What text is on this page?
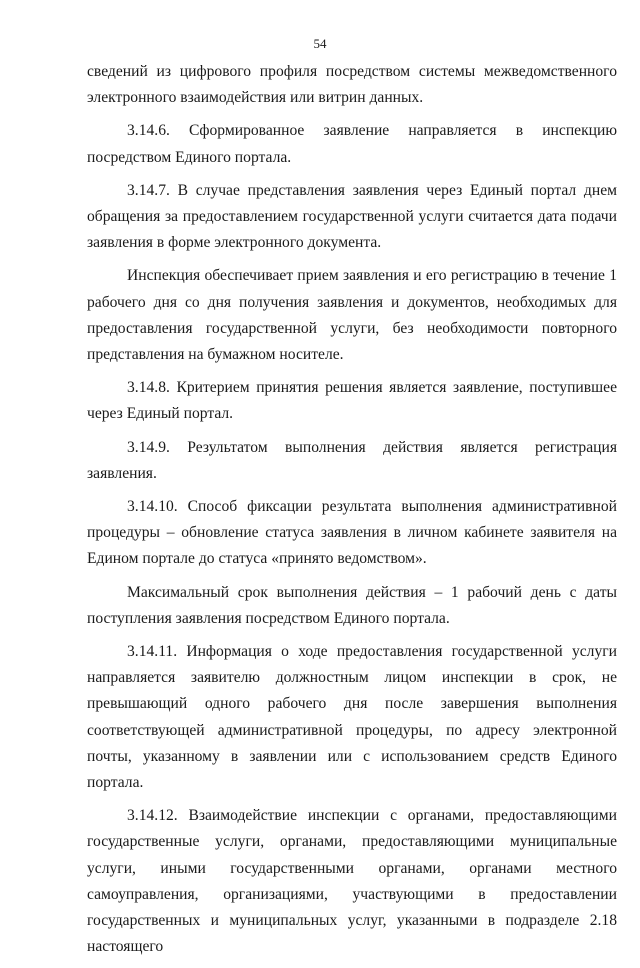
54

сведений из цифрового профиля посредством системы межведомственного электронного взаимодействия или витрин данных.

3.14.6. Сформированное заявление направляется в инспекцию посредством Единого портала.

3.14.7. В случае представления заявления через Единый портал днем обращения за предоставлением государственной услуги считается дата подачи заявления в форме электронного документа.

Инспекция обеспечивает прием заявления и его регистрацию в течение 1 рабочего дня со дня получения заявления и документов, необходимых для предоставления государственной услуги, без необходимости повторного представления на бумажном носителе.

3.14.8. Критерием принятия решения является заявление, поступившее через Единый портал.

3.14.9. Результатом выполнения действия является регистрация заявления.

3.14.10. Способ фиксации результата выполнения административной процедуры – обновление статуса заявления в личном кабинете заявителя на Едином портале до статуса «принято ведомством».

Максимальный срок выполнения действия – 1 рабочий день с даты поступления заявления посредством Единого портала.

3.14.11. Информация о ходе предоставления государственной услуги направляется заявителю должностным лицом инспекции в срок, не превышающий одного рабочего дня после завершения выполнения соответствующей административной процедуры, по адресу электронной почты, указанному в заявлении или с использованием средств Единого портала.

3.14.12. Взаимодействие инспекции с органами, предоставляющими государственные услуги, органами, предоставляющими муниципальные услуги, иными государственными органами, органами местного самоуправления, организациями, участвующими в предоставлении государственных и муниципальных услуг, указанными в подразделе 2.18 настоящего
